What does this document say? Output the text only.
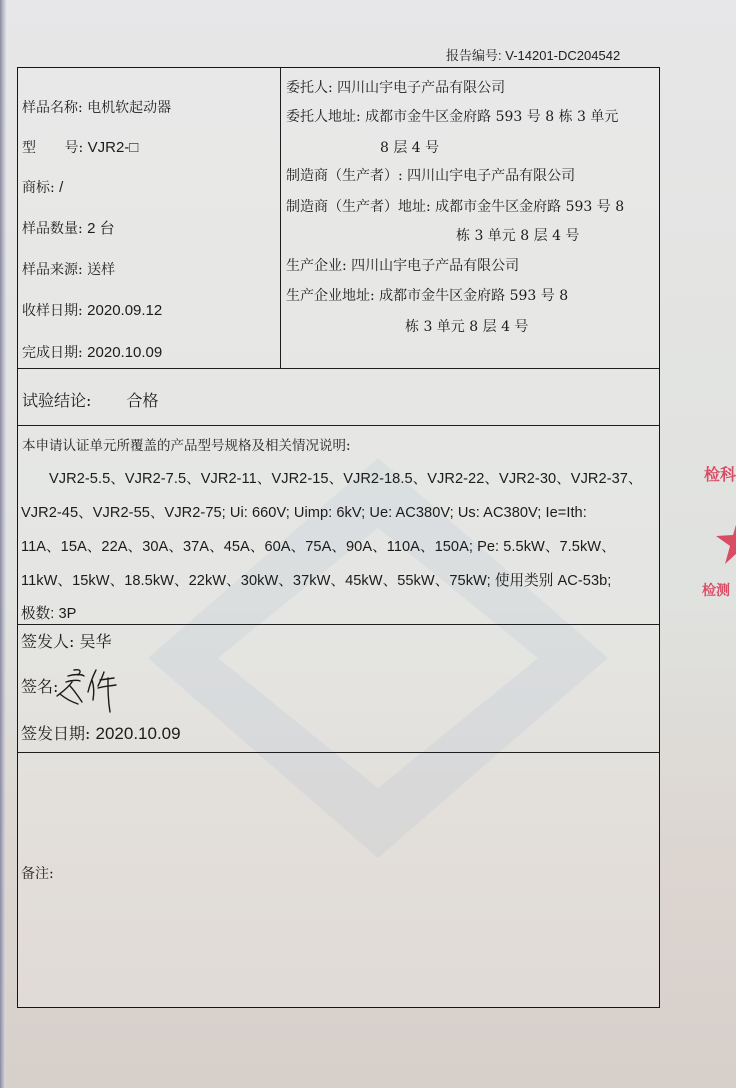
报告编号: V-14201-DC204542
样品名称: 电机软起动器
型 号: VJR2-□
商标: /
样品数量: 2 台
样品来源: 送样
收样日期: 2020.09.12
完成日期: 2020.10.09
委托人: 四川山宇电子产品有限公司
委托人地址: 成都市金牛区金府路 593 号 8 栋 3 单元
8 层 4 号
制造商（生产者）: 四川山宇电子产品有限公司
制造商（生产者）地址: 成都市金牛区金府路 593 号 8
栋 3 单元 8 层 4 号
生产企业: 四川山宇电子产品有限公司
生产企业地址: 成都市金牛区金府路 593 号 8
栋 3 单元 8 层 4 号
试验结论: 合格
本申请认证单元所覆盖的产品型号规格及相关情况说明:
VJR2-5.5、VJR2-7.5、VJR2-11、VJR2-15、VJR2-18.5、VJR2-22、VJR2-30、VJR2-37、
VJR2-45、VJR2-55、VJR2-75; Ui: 660V; Uimp: 6kV; Ue: AC380V; Us: AC380V; Ie=Ith:
11A、15A、22A、30A、37A、45A、60A、75A、90A、110A、150A; Pe: 5.5kW、7.5kW、
11kW、15kW、18.5kW、22kW、30kW、37kW、45kW、55kW、75kW; 使用类别 AC-53b;
极数: 3P
签发人: 吴华
签名:
签发日期: 2020.10.09
备注:
检科
检测
